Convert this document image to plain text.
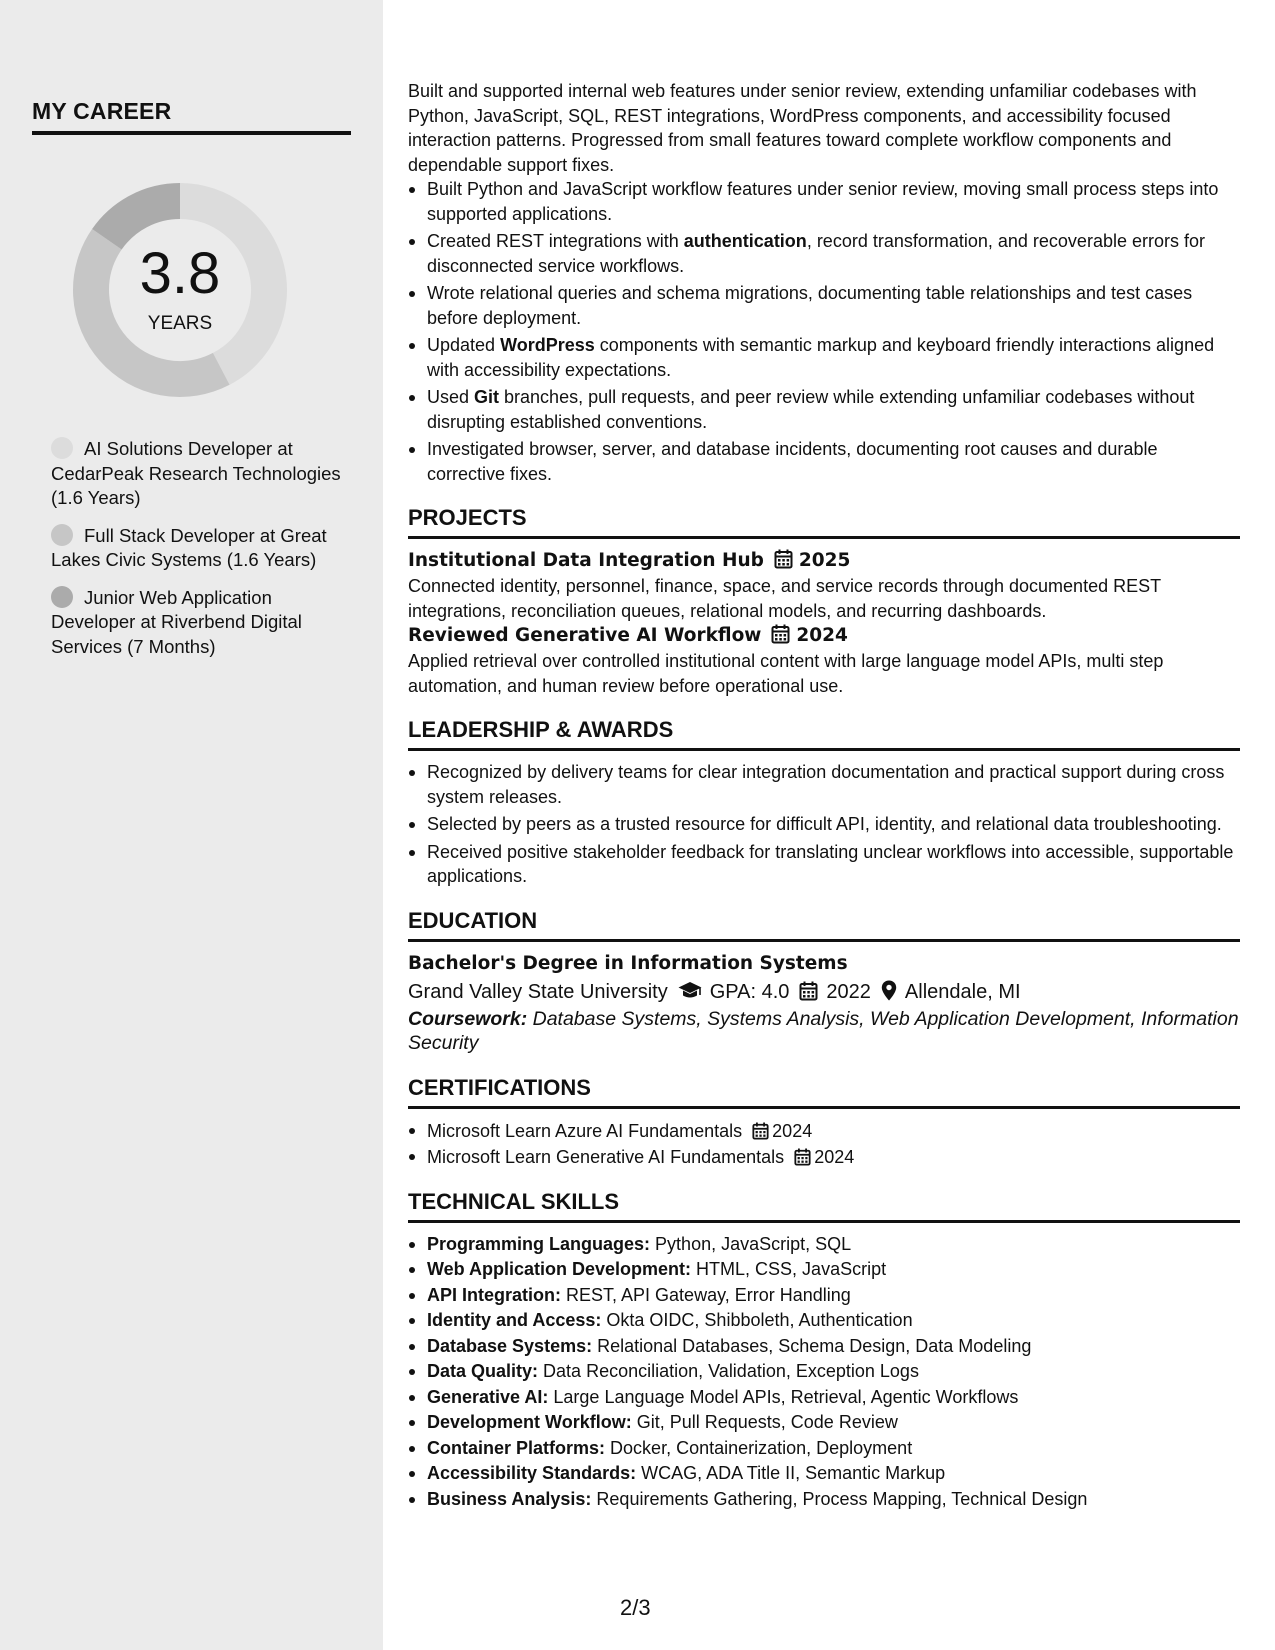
MY CAREER
3.8
YEARS
AI Solutions Developer at CedarPeak Research Technologies (1.6 Years)
Full Stack Developer at Great Lakes Civic Systems (1.6 Years)
Junior Web Application Developer at Riverbend Digital Services (7 Months)

Built and supported internal web features under senior review, extending unfamiliar codebases with Python, JavaScript, SQL, REST integrations, WordPress components, and accessibility focused interaction patterns. Progressed from small features toward complete workflow components and dependable support fixes.

Built Python and JavaScript workflow features under senior review, moving small process steps into supported applications.
Created REST integrations with authentication, record transformation, and recoverable errors for disconnected service workflows.
Wrote relational queries and schema migrations, documenting table relationships and test cases before deployment.
Updated WordPress components with semantic markup and keyboard friendly interactions aligned with accessibility expectations.
Used Git branches, pull requests, and peer review while extending unfamiliar codebases without disrupting established conventions.
Investigated browser, server, and database incidents, documenting root causes and durable corrective fixes.
PROJECTS
Institutional Data Integration Hub 2025

Connected identity, personnel, finance, space, and service records through documented REST integrations, reconciliation queues, relational models, and recurring dashboards.

Reviewed Generative AI Workflow 2024

Applied retrieval over controlled institutional content with large language model APIs, multi step automation, and human review before operational use.

LEADERSHIP & AWARDS
Recognized by delivery teams for clear integration documentation and practical support during cross system releases.
Selected by peers as a trusted resource for difficult API, identity, and relational data troubleshooting.
Received positive stakeholder feedback for translating unclear workflows into accessible, supportable applications.
EDUCATION
Bachelor's Degree in Information Systems
Grand Valley State University GPA: 4.0 2022 Allendale, MI
Coursework: Database Systems, Systems Analysis, Web Application Development, Information Security
CERTIFICATIONS
Microsoft Learn Azure AI Fundamentals 2024
Microsoft Learn Generative AI Fundamentals 2024
TECHNICAL SKILLS
Programming Languages: Python, JavaScript, SQL
Web Application Development: HTML, CSS, JavaScript
API Integration: REST, API Gateway, Error Handling
Identity and Access: Okta OIDC, Shibboleth, Authentication
Database Systems: Relational Databases, Schema Design, Data Modeling
Data Quality: Data Reconciliation, Validation, Exception Logs
Generative AI: Large Language Model APIs, Retrieval, Agentic Workflows
Development Workflow: Git, Pull Requests, Code Review
Container Platforms: Docker, Containerization, Deployment
Accessibility Standards: WCAG, ADA Title II, Semantic Markup
Business Analysis: Requirements Gathering, Process Mapping, Technical Design
2/3
